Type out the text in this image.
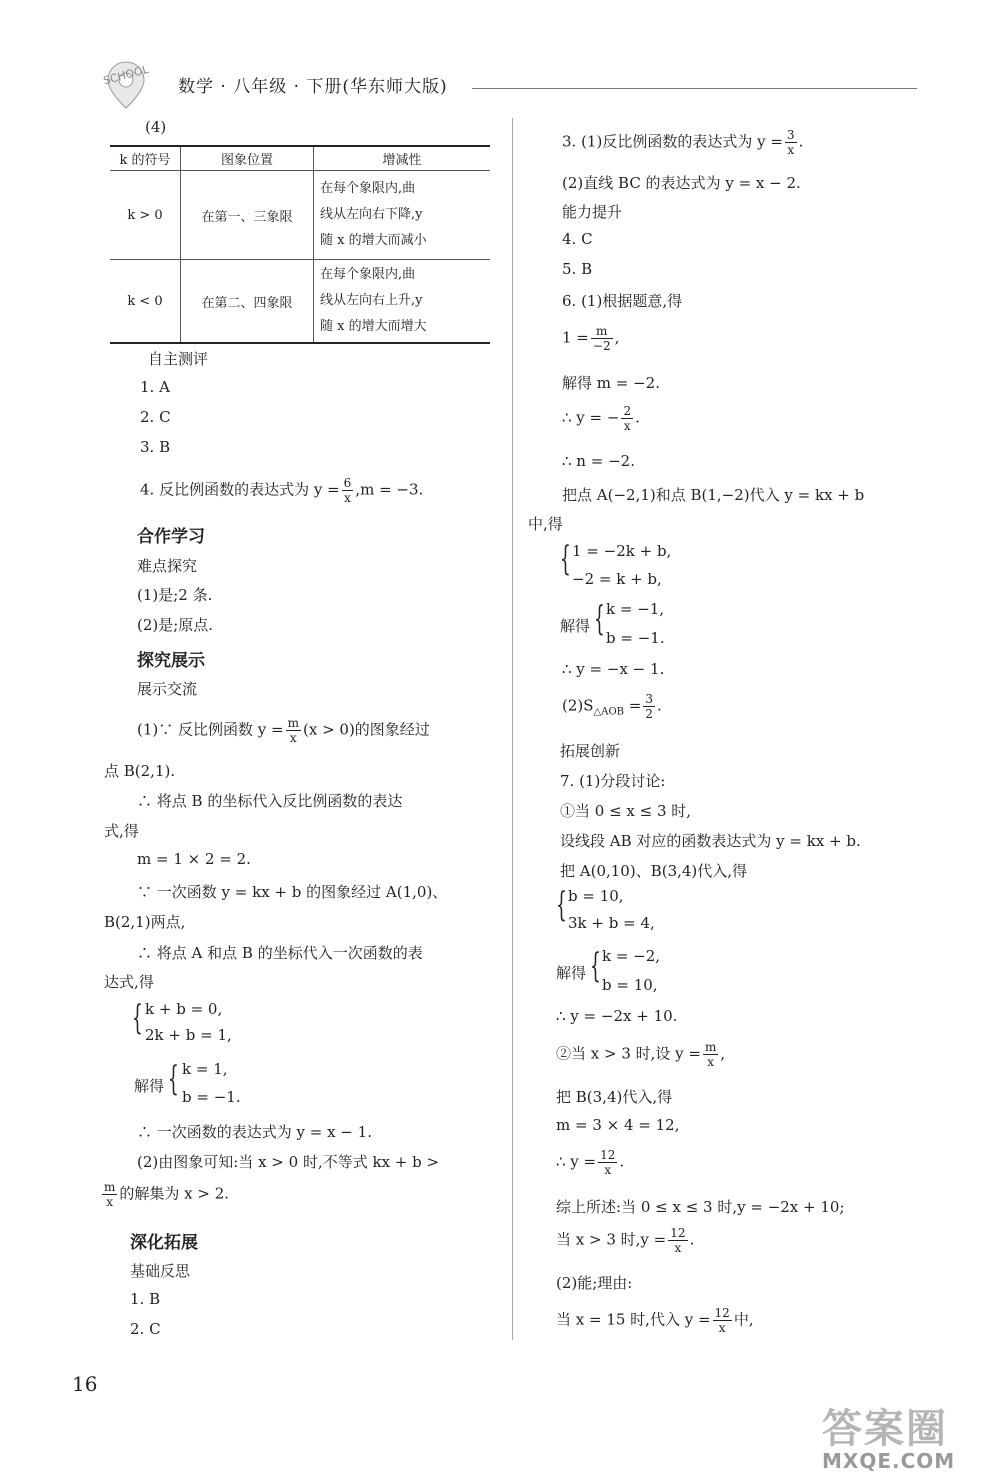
SCHOOL 数学 · 八年级 · 下册(华东师大版)
(4)
k 的符号	图象位置	增减性
k > 0	在第一、三象限	在每个象限内,曲
线从左向右下降,y
随 x 的增大而减小

k < 0	在第二、四象限	在每个象限内,曲
线从左向右上升,y
随 x 的增大而增大
自主测评
1. A
2. C
3. B
4. 反比例函数的表达式为 $y = \frac{6}{x} ,m = -3$.
合作学习
难点探究
(1)是;2 条.
(2)是;原点.
探究展示
展示交流
(1)∵ 反比例函数 $y = \frac{m}{x} (x > 0)$的图象经过
点 B(2,1).
∴ 将点 B 的坐标代入反比例函数的表达
式,得
m = 1 × 2 = 2.
∵ 一次函数 y = kx + b 的图象经过 A(1,0)、
B(2,1)两点,
∴ 将点 A 和点 B 的坐标代入一次函数的表
达式,得
{ k + b = 0,
2k + b = 1,
解得 { k = 1,
b = −1.
∴ 一次函数的表达式为 y = x − 1.
(2)由图象可知:当 x > 0 时,不等式 kx + b >
$\frac{m}{x}$ 的解集为 x > 2.
深化拓展
基础反思
1. B
2. C
3. (1)反比例函数的表达式为 $y = \frac{3}{x}$ .
(2)直线 BC 的表达式为 y = x − 2.
能力提升
4. C
5. B
6. (1)根据题意,得
$1 = \frac{m}{-2}$ ,
解得 m = −2.
∴ y = − $\frac{2}{x}$ .
∴ n = −2.
把点 A(−2,1)和点 B(1,−2)代入 y = kx + b
中,得
{ 1 = −2k + b,
−2 = k + b,
解得 { k = −1,
b = −1.
∴ y = −x − 1.
$(2)S_{\triangle AOB} = \frac{3}{2}$ .
拓展创新
7. (1)分段讨论:
①当 0 ≤ x ≤ 3 时,
设线段 AB 对应的函数表达式为 y = kx + b.
把 A(0,10)、B(3,4)代入,得
{ b = 10,
3k + b = 4,
解得 { k = −2,
b = 10,
∴ y = −2x + 10.
②当 x > 3 时,设 $y = \frac{m}{x}$ ,
把 B(3,4)代入,得
m = 3 × 4 = 12,
∴ $y = \frac{12}{x}$ .
综上所述:当 0 ≤ x ≤ 3 时,y = −2x + 10;
当 x > 3 时$,y = \frac{12}{x}$ .
(2)能;理由:
当 x = 15 时,代入 $y = \frac{12}{x}$ 中,
16
答案圈
MXQE.COM
